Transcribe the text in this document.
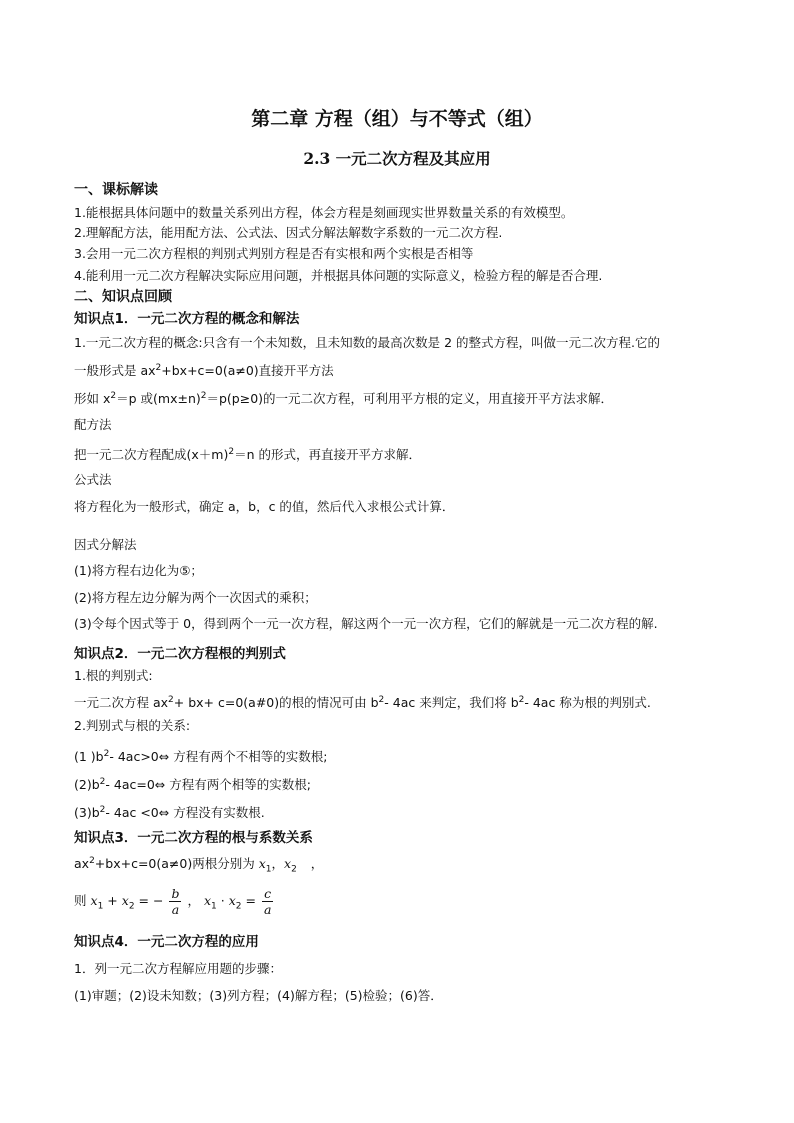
第二章 方程（组）与不等式（组）
2.3 一元二次方程及其应用
一、课标解读
1.能根据具体问题中的数量关系列出方程，体会方程是刻画现实世界数量关系的有效模型。
2.理解配方法，能用配方法、公式法、因式分解法解数字系数的一元二次方程.
3.会用一元二次方程根的判别式判别方程是否有实根和两个实根是否相等
4.能利用一元二次方程解决实际应用问题，并根据具体问题的实际意义，检验方程的解是否合理.
二、知识点回顾
知识点1．一元二次方程的概念和解法
1.一元二次方程的概念:只含有一个未知数，且未知数的最高次数是 2 的整式方程，叫做一元二次方程.它的
一般形式是 $ax^2+bx+c=0(a\ne 0)$直接开平方法
形如 $x^2=p$ 或$(mx\pm n)^2=p(p\ge 0)$的一元二次方程，可利用平方根的定义，用直接开平方法求解．
配方法
把一元二次方程配成$(x+m)^2=n$ 的形式，再直接开平方求解．
公式法
将方程化为一般形式，确定 a，b，c 的值，然后代入求根公式计算．
因式分解法
(1)将方程右边化为⑤；
(2)将方程左边分解为两个一次因式的乘积；
(3)令每个因式等于 0，得到两个一元一次方程，解这两个一元一次方程，它们的解就是一元二次方程的解.
知识点2．一元二次方程根的判别式
1.根的判别式:
一元二次方程 $ax^2+ bx+$ c=0(a#0)的根的情况可由 $b^2-$ 4ac 来判定，我们将 $b^2-$ 4ac 称为根的判别式.
2.判别式与根的关系:
(1 )$b^2-$ 4ac>0⇔ 方程有两个不相等的实数根;
$(2)b^2-$ 4ac=0⇔ 方程有两个相等的实数根;
$(3)b^2-$ 4ac <0⇔ 方程没有实数根.
知识点3．一元二次方程的根与系数关系
$ax^2+bx+c=0(a\ne 0)$两根分别为 $x_1$，$x_2$ ，
则 $x_1 + x_2$ = − $\frac{b}{a}$ ， $x_1 \cdot x_2 = \frac{c}{a}$
知识点4．一元二次方程的应用
1．列一元二次方程解应用题的步骤：
(1)审题；(2)设未知数；(3)列方程；(4)解方程；(5)检验；(6)答．
